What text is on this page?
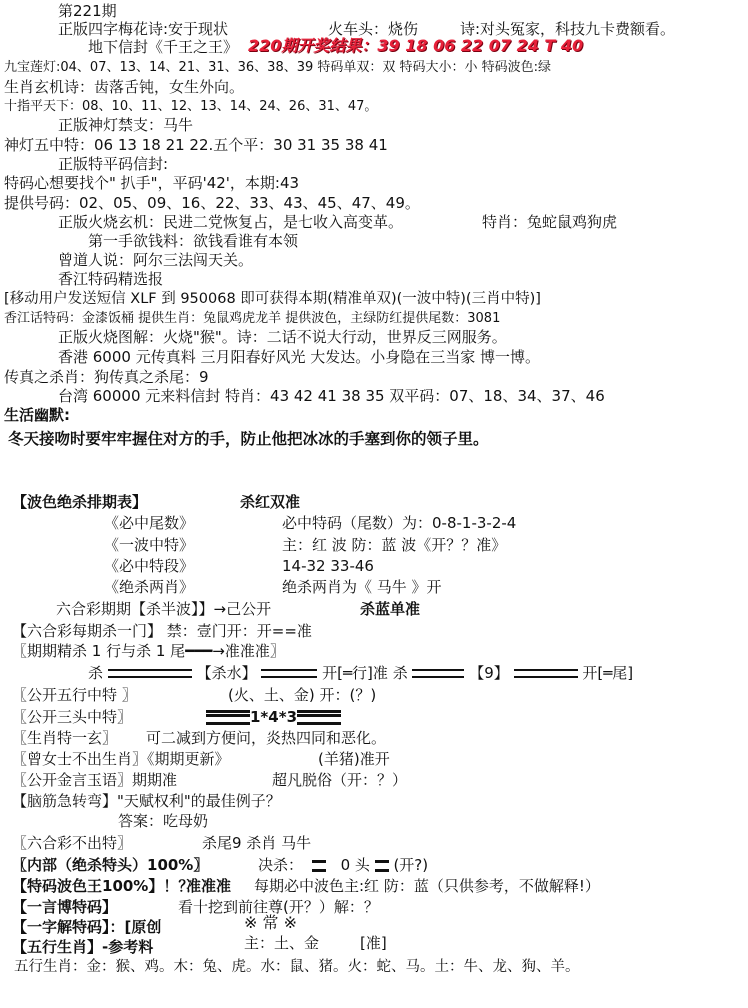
第221期
正版四字梅花诗:安于现状	火车头：烧伤	诗:对头冤家，科技九卡费额看。
地下信封《千王之王》 220期开奖结果：39 18 06 22 07 24 T 40
九宝莲灯:04、07、13、14、21、31、36、38、39 特码单双：双 特码大小：小 特码波色:绿
生肖玄机诗：齿落舌钝，女生外向。
十指平天下：08、10、11、12、13、14、24、26、31、47。
正版神灯禁支：马牛
神灯五中特：06 13 18 21 22.五个平：30 31 35 38 41
正版特平码信封:
特码心想要找个" 扒手"，平码'42'，本期:43
提供号码：02、05、09、16、22、33、43、45、47、49。
正版火烧玄机：民进二党恢复占，是七收入高变革。	特肖：兔蛇鼠鸡狗虎
第一手欲钱料：欲钱看谁有本领
曾道人说：阿尔三法闯天关。
香江特码精选报
[移动用户发送短信 XLF 到 950068 即可获得本期(精准单双)(一波中特)(三肖中特)]
香江话特码：金漆饭桶 提供生肖：兔鼠鸡虎龙羊 提供波色，主绿防红提供尾数：3081
正版火烧图解：火烧"猴"。诗：二话不说大行动，世界反三网服务。
香港 6000 元传真料 三月阳春好风光 大发达。小身隐在三当家 博一博。
传真之杀肖：狗传真之杀尾：9
台湾 60000 元来料信封 特肖：43 42 41 38 35 双平码：07、18、34、37、46
生活幽默:
冬天接吻时要牢牢握住对方的手，防止他把冰冰的手塞到你的领子里。
【波色绝杀排期表】	杀红双准
《必中尾数》	必中特码（尾数）为：0-8-1-3-2-4
《一波中特》	主：红 波 防：蓝 波《开？？准》
《必中特段》	14-32 33-46
《绝杀两肖》	绝杀两肖为《 马牛 》开
六合彩期期【杀半波】】→己公开	杀蓝单准
【六合彩每期杀一门】 禁：壹门开：开==准
〖期期精杀 1 行与杀 1 尾━━━→准准准〗
杀	【杀水】	开[═行]准 杀	【9】	开[═尾]
〖公开五行中特 〗	(火、土、金) 开：(？)
〖公开三头中特〗	1*4*3
〖生肖特一玄〗 可二减到方便问，炎热四同和恶化。
〖曾女士不出生肖〗《期期更新》	(羊猪)准开
〖公开金言玉语〗期期准	超凡脱俗（开：？）
【脑筋急转弯】"天赋权利"的最佳例子？
答案：吃母奶
〖六合彩不出特〗	杀尾9 杀肖 马牛
〖内部（绝杀特头）100%〗	决杀：	0 头 (开?)
【特码波色王100%】！？
准准准 每期必中波色主:红 防：蓝（只供参考，不做解释!）
【一言博特码】	看十挖到前往尊(开？）解：？
【一字解特码】：[原创	※ 常 ※
【五行生肖】-参考料	主：土、金	[准]
五行生肖：金：猴、鸡。木：兔、虎。水：鼠、猪。火：蛇、马。土：牛、龙、狗、羊。
